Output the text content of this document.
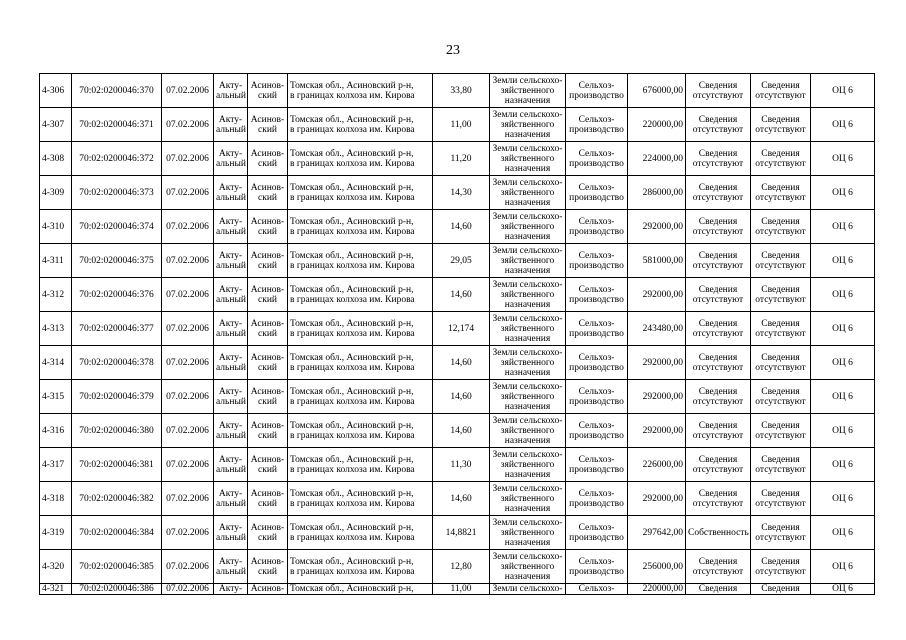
23
4-306	70:02:0200046:370	07.02.2006	Акту-
альный	Асинов-
ский	Томская обл., Асиновский р-н,
в границах колхоза им. Кирова	33,80	Земли сельскохо-
зяйственного
назначения	Сельхоз-
производство	676000,00	Сведения
отсутствуют	Сведения
отсутствуют	ОЦ 6
4-307	70:02:0200046:371	07.02.2006	Акту-
альный	Асинов-
ский	Томская обл., Асиновский р-н,
в границах колхоза им. Кирова	11,00	Земли сельскохо-
зяйственного
назначения	Сельхоз-
производство	220000,00	Сведения
отсутствуют	Сведения
отсутствуют	ОЦ 6
4-308	70:02:0200046:372	07.02.2006	Акту-
альный	Асинов-
ский	Томская обл., Асиновский р-н,
в границах колхоза им. Кирова	11,20	Земли сельскохо-
зяйственного
назначения	Сельхоз-
производство	224000,00	Сведения
отсутствуют	Сведения
отсутствуют	ОЦ 6
4-309	70:02:0200046:373	07.02.2006	Акту-
альный	Асинов-
ский	Томская обл., Асиновский р-н,
в границах колхоза им. Кирова	14,30	Земли сельскохо-
зяйственного
назначения	Сельхоз-
производство	286000,00	Сведения
отсутствуют	Сведения
отсутствуют	ОЦ 6
4-310	70:02:0200046:374	07.02.2006	Акту-
альный	Асинов-
ский	Томская обл., Асиновский р-н,
в границах колхоза им. Кирова	14,60	Земли сельскохо-
зяйственного
назначения	Сельхоз-
производство	292000,00	Сведения
отсутствуют	Сведения
отсутствуют	ОЦ 6
4-311	70:02:0200046:375	07.02.2006	Акту-
альный	Асинов-
ский	Томская обл., Асиновский р-н,
в границах колхоза им. Кирова	29,05	Земли сельскохо-
зяйственного
назначения	Сельхоз-
производство	581000,00	Сведения
отсутствуют	Сведения
отсутствуют	ОЦ 6
4-312	70:02:0200046:376	07.02.2006	Акту-
альный	Асинов-
ский	Томская обл., Асиновский р-н,
в границах колхоза им. Кирова	14,60	Земли сельскохо-
зяйственного
назначения	Сельхоз-
производство	292000,00	Сведения
отсутствуют	Сведения
отсутствуют	ОЦ 6
4-313	70:02:0200046:377	07.02.2006	Акту-
альный	Асинов-
ский	Томская обл., Асиновский р-н,
в границах колхоза им. Кирова	12,174	Земли сельскохо-
зяйственного
назначения	Сельхоз-
производство	243480,00	Сведения
отсутствуют	Сведения
отсутствуют	ОЦ 6
4-314	70:02:0200046:378	07.02.2006	Акту-
альный	Асинов-
ский	Томская обл., Асиновский р-н,
в границах колхоза им. Кирова	14,60	Земли сельскохо-
зяйственного
назначения	Сельхоз-
производство	292000,00	Сведения
отсутствуют	Сведения
отсутствуют	ОЦ 6
4-315	70:02:0200046:379	07.02.2006	Акту-
альный	Асинов-
ский	Томская обл., Асиновский р-н,
в границах колхоза им. Кирова	14,60	Земли сельскохо-
зяйственного
назначения	Сельхоз-
производство	292000,00	Сведения
отсутствуют	Сведения
отсутствуют	ОЦ 6
4-316	70:02:0200046:380	07.02.2006	Акту-
альный	Асинов-
ский	Томская обл., Асиновский р-н,
в границах колхоза им. Кирова	14,60	Земли сельскохо-
зяйственного
назначения	Сельхоз-
производство	292000,00	Сведения
отсутствуют	Сведения
отсутствуют	ОЦ 6
4-317	70:02:0200046:381	07.02.2006	Акту-
альный	Асинов-
ский	Томская обл., Асиновский р-н,
в границах колхоза им. Кирова	11,30	Земли сельскохо-
зяйственного
назначения	Сельхоз-
производство	226000,00	Сведения
отсутствуют	Сведения
отсутствуют	ОЦ 6
4-318	70:02:0200046:382	07.02.2006	Акту-
альный	Асинов-
ский	Томская обл., Асиновский р-н,
в границах колхоза им. Кирова	14,60	Земли сельскохо-
зяйственного
назначения	Сельхоз-
производство	292000,00	Сведения
отсутствуют	Сведения
отсутствуют	ОЦ 6
4-319	70:02:0200046:384	07.02.2006	Акту-
альный	Асинов-
ский	Томская обл., Асиновский р-н,
в границах колхоза им. Кирова	14,8821	Земли сельскохо-
зяйственного
назначения	Сельхоз-
производство	297642,00	Собственность	Сведения
отсутствуют	ОЦ 6
4-320	70:02:0200046:385	07.02.2006	Акту-
альный	Асинов-
ский	Томская обл., Асиновский р-н,
в границах колхоза им. Кирова	12,80	Земли сельскохо-
зяйственного
назначения	Сельхоз-
производство	256000,00	Сведения
отсутствуют	Сведения
отсутствуют	ОЦ 6
4-321	70:02:0200046:386	07.02.2006	Акту-	Асинов-	Томская обл., Асиновский р-н,	11,00	Земли сельскохо-	Сельхоз-	220000,00	Сведения	Сведения	ОЦ 6
